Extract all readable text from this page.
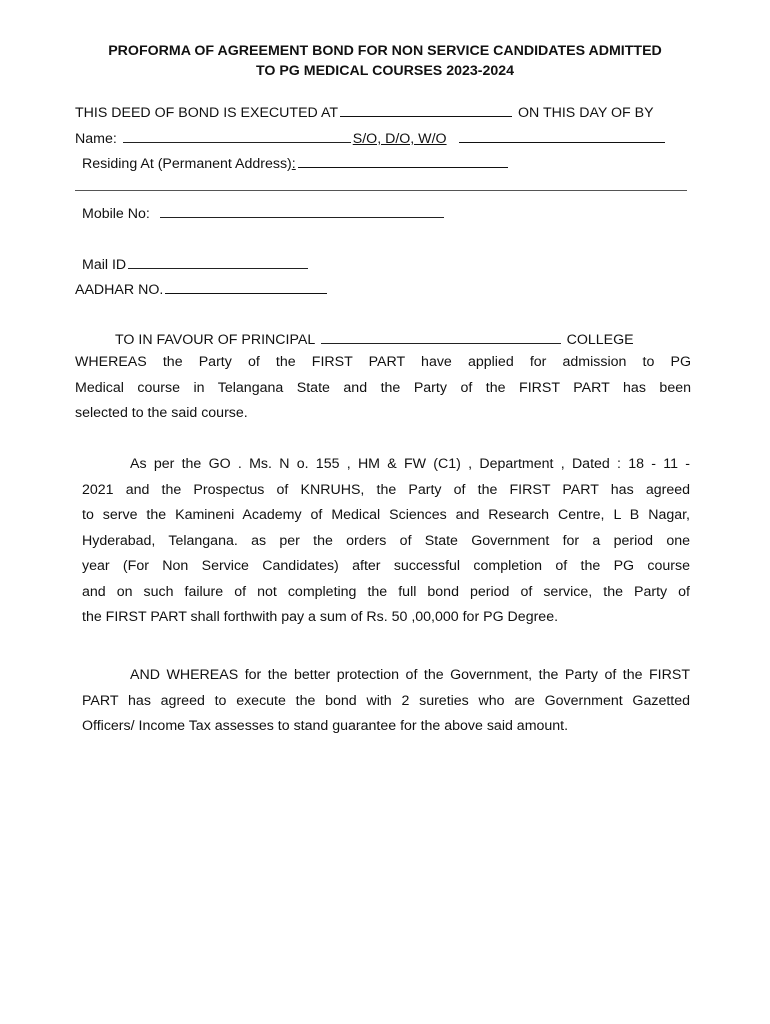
PROFORMA OF AGREEMENT BOND FOR NON SERVICE CANDIDATES ADMITTED
TO PG MEDICAL COURSES 2023-2024
THIS DEED OF BOND IS EXECUTED AT	ON THIS DAY OF BY
Name:	S/O, D/O, W/O
Residing At (Permanent Address):
Mobile No:
Mail ID
AADHAR NO.
TO IN FAVOUR OF PRINCIPAL	COLLEGE
WHEREAS the Party of the FIRST PART have applied for admission to PG
Medical course in Telangana State and the Party of the FIRST PART has been
selected to the said course.
As per the GO . Ms. N o. 155 , HM & FW (C1) , Department , Dated : 18 - 11 -
2021 and the Prospectus of KNRUHS, the Party of the FIRST PART has agreed
to serve the Kamineni Academy of Medical Sciences and Research Centre, L B Nagar,
Hyderabad, Telangana. as per the orders of State Government for a period one
year (For Non Service Candidates) after successful completion of the PG course
and on such failure of not completing the full bond period of service, the Party of
the FIRST PART shall forthwith pay a sum of Rs. 50 ,00,000 for PG Degree.
AND WHEREAS for the better protection of the Government, the Party of the FIRST
PART has agreed to execute the bond with 2 sureties who are Government Gazetted
Officers/ Income Tax assesses to stand guarantee for the above said amount.
